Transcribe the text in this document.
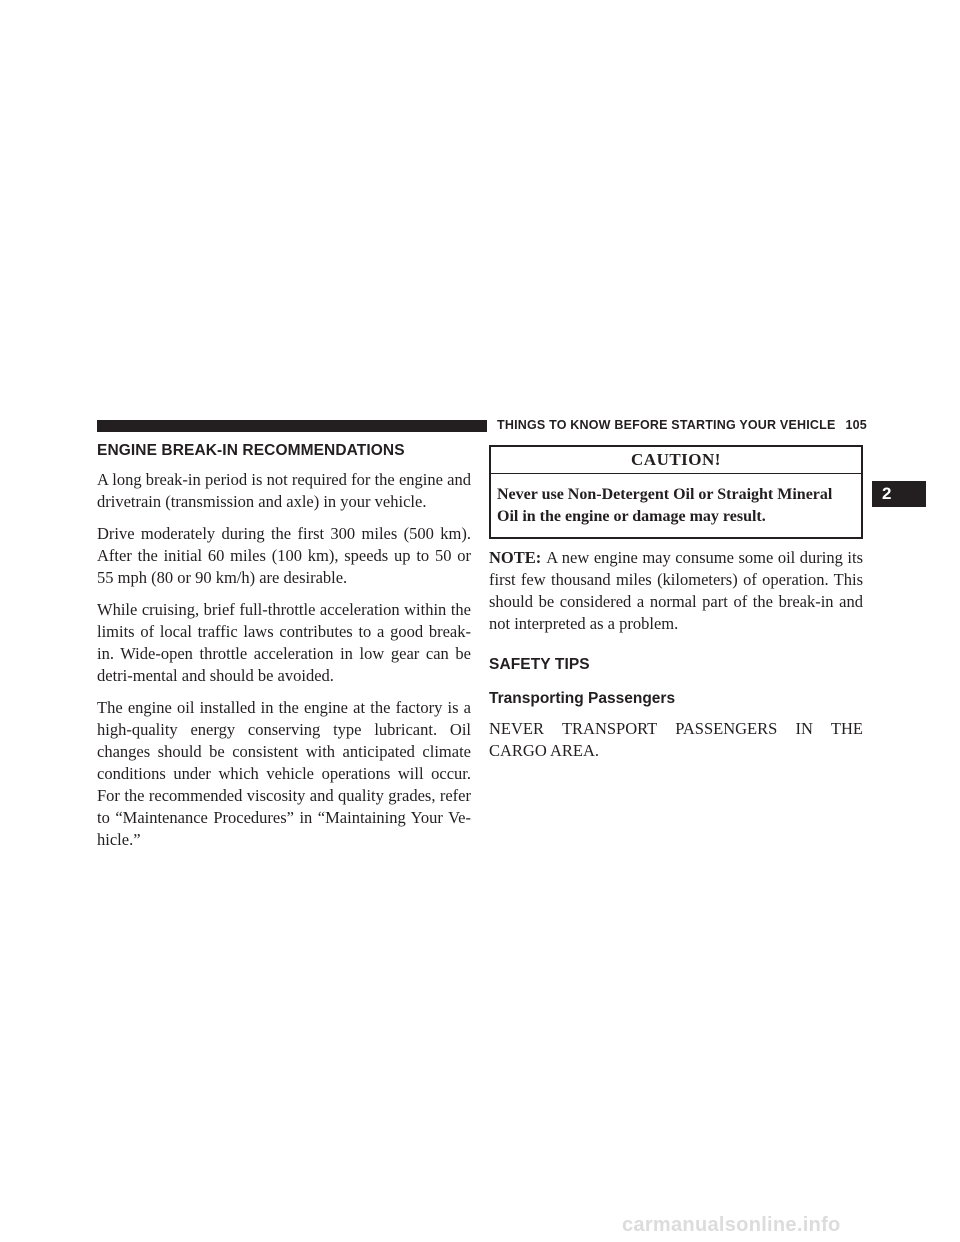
THINGS TO KNOW BEFORE STARTING YOUR VEHICLE 105
2
ENGINE BREAK-IN RECOMMENDATIONS

A long break-in period is not required for the engine and drivetrain (transmission and axle) in your vehicle.

Drive moderately during the first 300 miles (500 km). After the initial 60 miles (100 km), speeds up to 50 or 55 mph (80 or 90 km/h) are desirable.

While cruising, brief full-throttle acceleration within the limits of local traffic laws contributes to a good break-in. Wide-open throttle acceleration in low gear can be detri-mental and should be avoided.

The engine oil installed in the engine at the factory is a high-quality energy conserving type lubricant. Oil changes should be consistent with anticipated climate conditions under which vehicle operations will occur. For the recommended viscosity and quality grades, refer to “Maintenance Procedures” in “Maintaining Your Ve-hicle.”

CAUTION!
Never use Non-Detergent Oil or Straight Mineral Oil in the engine or damage may result.

NOTE: A new engine may consume some oil during its first few thousand miles (kilometers) of operation. This should be considered a normal part of the break-in and not interpreted as a problem.

SAFETY TIPS
Transporting Passengers

NEVER TRANSPORT PASSENGERS IN THE CARGO AREA.

carmanualsonline.info
